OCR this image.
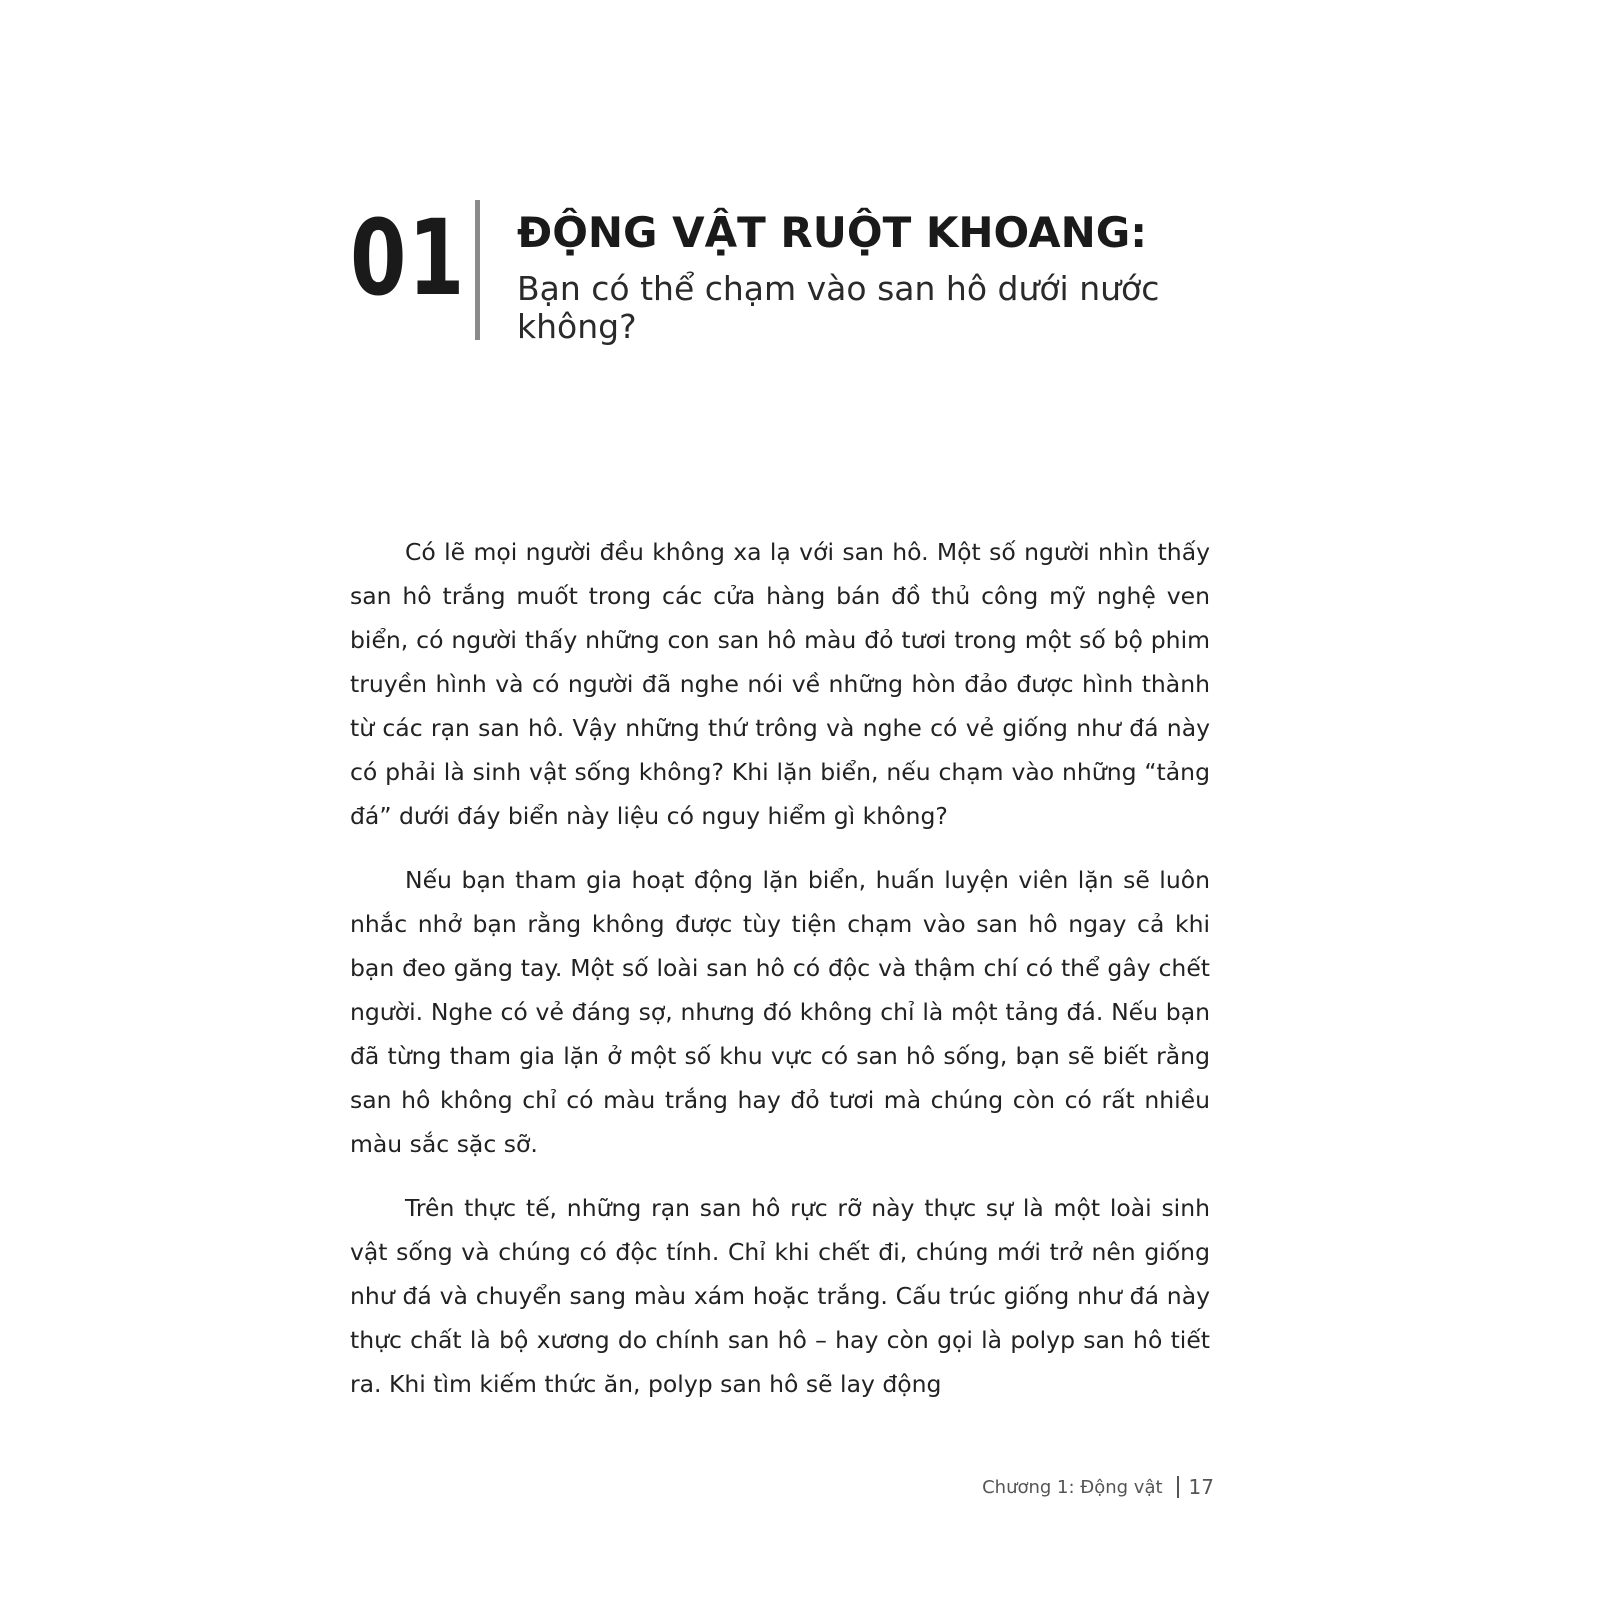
01 ĐỘNG VẬT RUỘT KHOANG:
Bạn có thể chạm vào san hô dưới nước không?

Có lẽ mọi người đều không xa lạ với san hô. Một số người nhìn thấy san hô trắng muốt trong các cửa hàng bán đồ thủ công mỹ nghệ ven biển, có người thấy những con san hô màu đỏ tươi trong một số bộ phim truyền hình và có người đã nghe nói về những hòn đảo được hình thành từ các rạn san hô. Vậy những thứ trông và nghe có vẻ giống như đá này có phải là sinh vật sống không? Khi lặn biển, nếu chạm vào những “tảng đá” dưới đáy biển này liệu có nguy hiểm gì không?

Nếu bạn tham gia hoạt động lặn biển, huấn luyện viên lặn sẽ luôn nhắc nhở bạn rằng không được tùy tiện chạm vào san hô ngay cả khi bạn đeo găng tay. Một số loài san hô có độc và thậm chí có thể gây chết người. Nghe có vẻ đáng sợ, nhưng đó không chỉ là một tảng đá. Nếu bạn đã từng tham gia lặn ở một số khu vực có san hô sống, bạn sẽ biết rằng san hô không chỉ có màu trắng hay đỏ tươi mà chúng còn có rất nhiều màu sắc sặc sỡ.

Trên thực tế, những rạn san hô rực rỡ này thực sự là một loài sinh vật sống và chúng có độc tính. Chỉ khi chết đi, chúng mới trở nên giống như đá và chuyển sang màu xám hoặc trắng. Cấu trúc giống như đá này thực chất là bộ xương do chính san hô – hay còn gọi là polyp san hô tiết ra. Khi tìm kiếm thức ăn, polyp san hô sẽ lay động

Chương 1: Động vật 17
